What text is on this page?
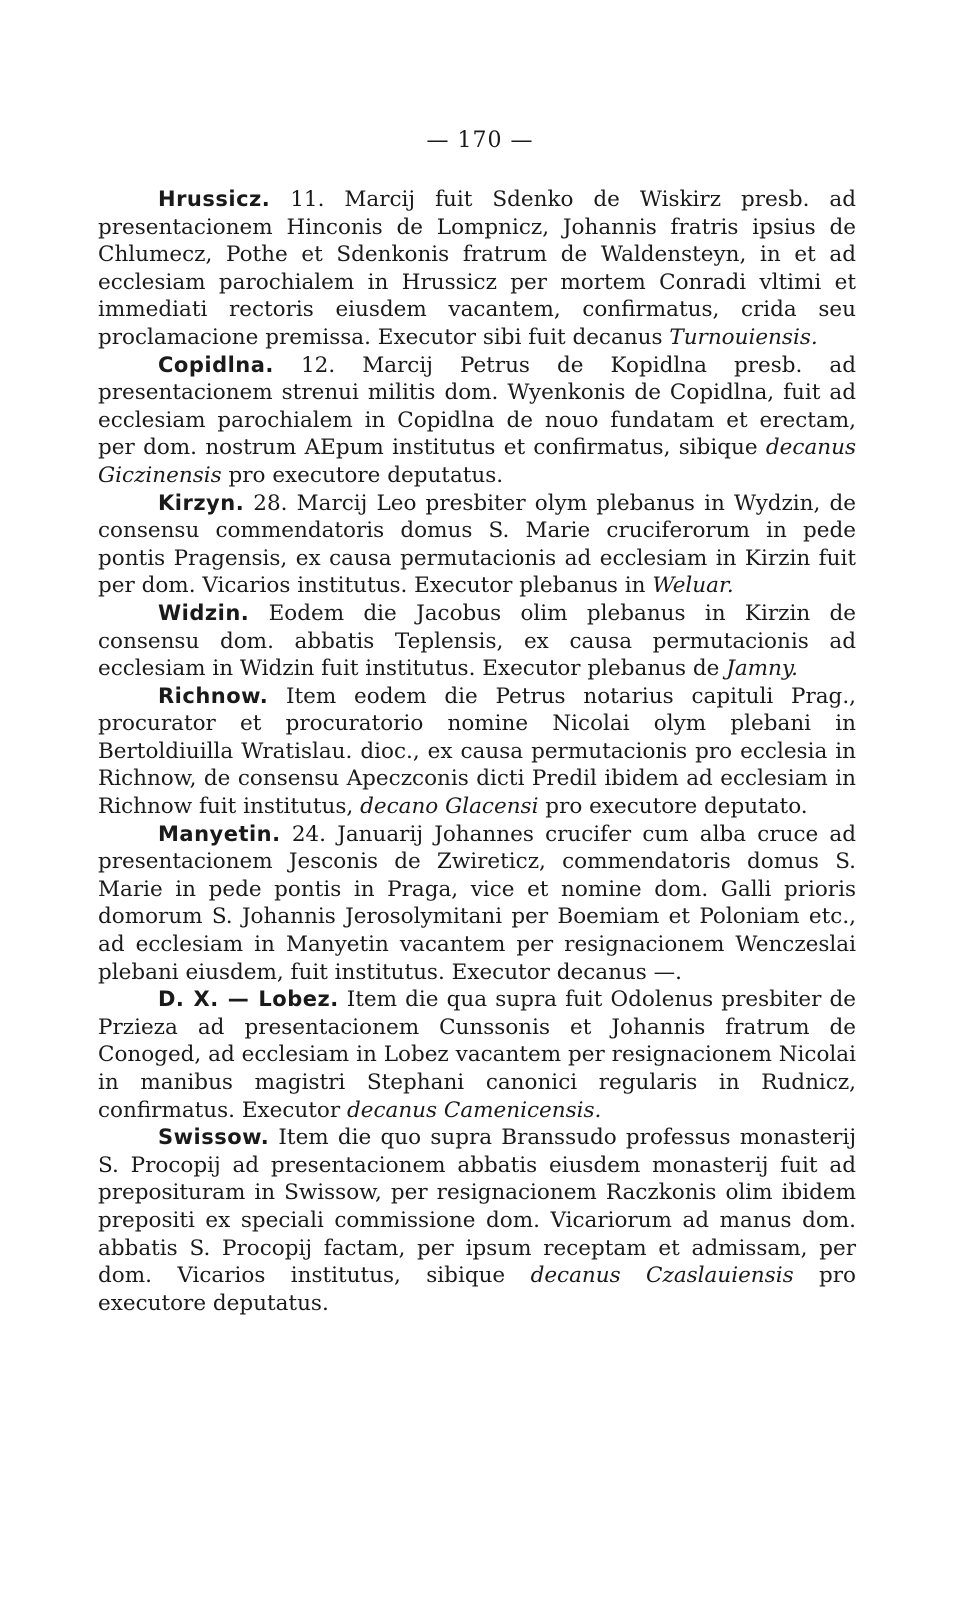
— 170 —

Hrussicz. 11. Marcij fuit Sdenko de Wiskirz presb. ad presentacionem Hinconis de Lompnicz, Johannis fratris ipsius de Chlumecz, Pothe et Sdenkonis fratrum de Waldensteyn, in et ad ecclesiam parochialem in Hrussicz per mortem Conradi vltimi et immediati rectoris eiusdem vacantem, confirmatus, crida seu proclamacione premissa. Executor sibi fuit decanus Turnouiensis.

Copidlna. 12. Marcij Petrus de Kopidlna presb. ad presentacionem strenui militis dom. Wyenkonis de Copidlna, fuit ad ecclesiam parochialem in Copidlna de nouo fundatam et erectam, per dom. nostrum AEpum institutus et confirmatus, sibique decanus Giczinensis pro executore deputatus.

Kirzyn. 28. Marcij Leo presbiter olym plebanus in Wydzin, de consensu commendatoris domus S. Marie cruciferorum in pede pontis Pragensis, ex causa permutacionis ad ecclesiam in Kirzin fuit per dom. Vicarios institutus. Executor plebanus in Weluar.

Widzin. Eodem die Jacobus olim plebanus in Kirzin de consensu dom. abbatis Teplensis, ex causa permutacionis ad ecclesiam in Widzin fuit institutus. Executor plebanus de Jamny.

Richnow. Item eodem die Petrus notarius capituli Prag., procurator et procuratorio nomine Nicolai olym plebani in Bertoldiuilla Wratislau. dioc., ex causa permutacionis pro ecclesia in Richnow, de consensu Apeczconis dicti Predil ibidem ad ecclesiam in Richnow fuit institutus, decano Glacensi pro executore deputato.

Manyetin. 24. Januarij Johannes crucifer cum alba cruce ad presentacionem Jesconis de Zwireticz, commendatoris domus S. Marie in pede pontis in Praga, vice et nomine dom. Galli prioris domorum S. Johannis Jerosolymitani per Boemiam et Poloniam etc., ad ecclesiam in Manyetin vacantem per resignacionem Wenczeslai plebani eiusdem, fuit institutus. Executor decanus —.

D. X. — Lobez. Item die qua supra fuit Odolenus presbiter de Przieza ad presentacionem Cunssonis et Johannis fratrum de Conoged, ad ecclesiam in Lobez vacantem per resignacionem Nicolai in manibus magistri Stephani canonici regularis in Rudnicz, confirmatus. Executor decanus Camenicensis.

Swissow. Item die quo supra Branssudo professus monasterij S. Procopij ad presentacionem abbatis eiusdem monasterij fuit ad preposituram in Swissow, per resignacionem Raczkonis olim ibidem prepositi ex speciali commissione dom. Vicariorum ad manus dom. abbatis S. Procopij factam, per ipsum receptam et admissam, per dom. Vicarios institutus, sibique decanus Czaslauiensis pro executore deputatus.
